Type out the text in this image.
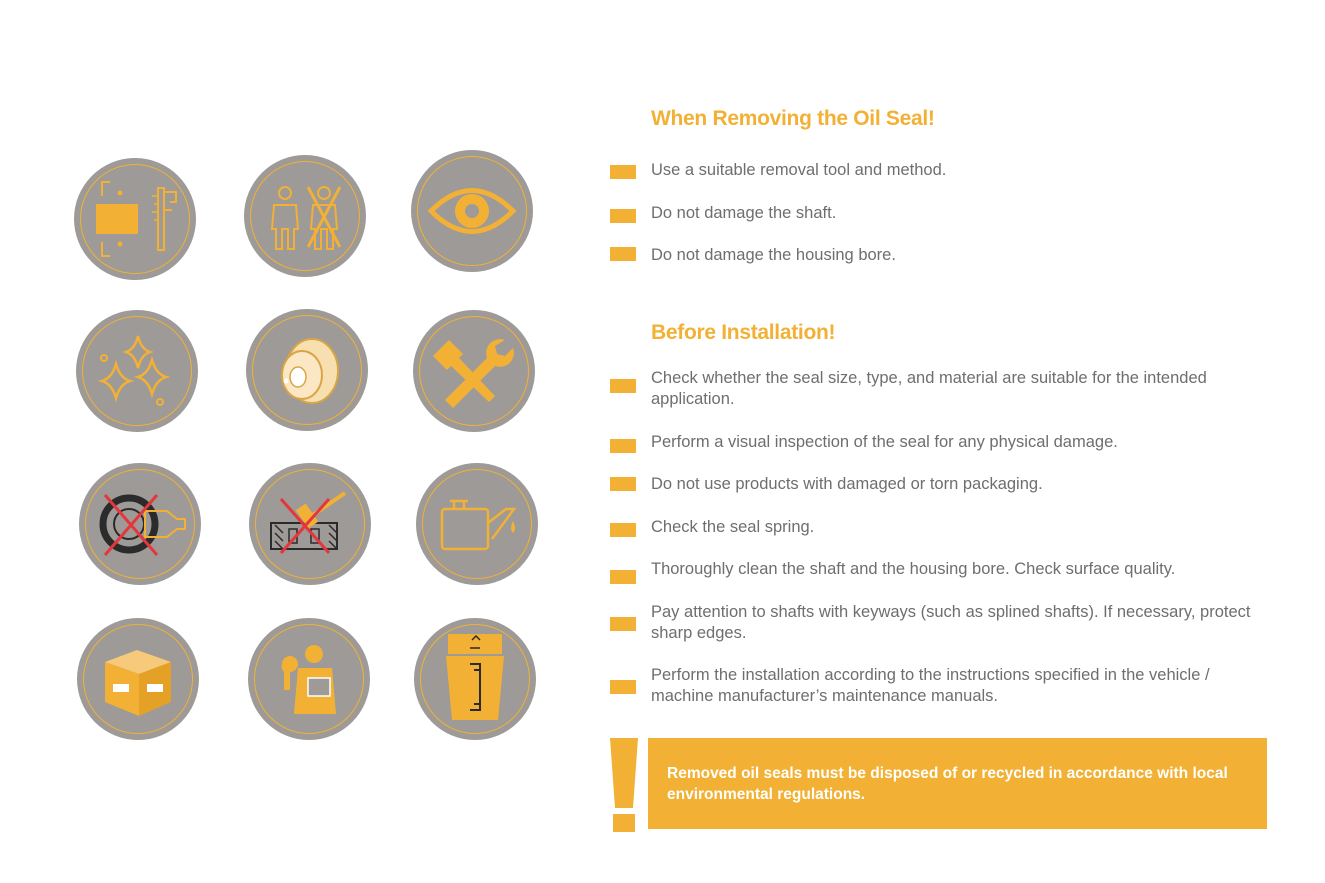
When Removing the Oil Seal!
Use a suitable removal tool and method.
Do not damage the shaft.
Do not damage the housing bore.
Before Installation!
Check whether the seal size, type, and material are suitable for the intended application.
Perform a visual inspection of the seal for any physical damage.
Do not use products with damaged or torn packaging.
Check the seal spring.
Thoroughly clean the shaft and the housing bore. Check surface quality.
Pay attention to shafts with keyways (such as splined shafts). If necessary, protect sharp edges.
Perform the installation according to the instructions specified in the vehicle / machine manufacturer’s maintenance manuals.
Removed oil seals must be disposed of or recycled in accordance with local environmental regulations.
